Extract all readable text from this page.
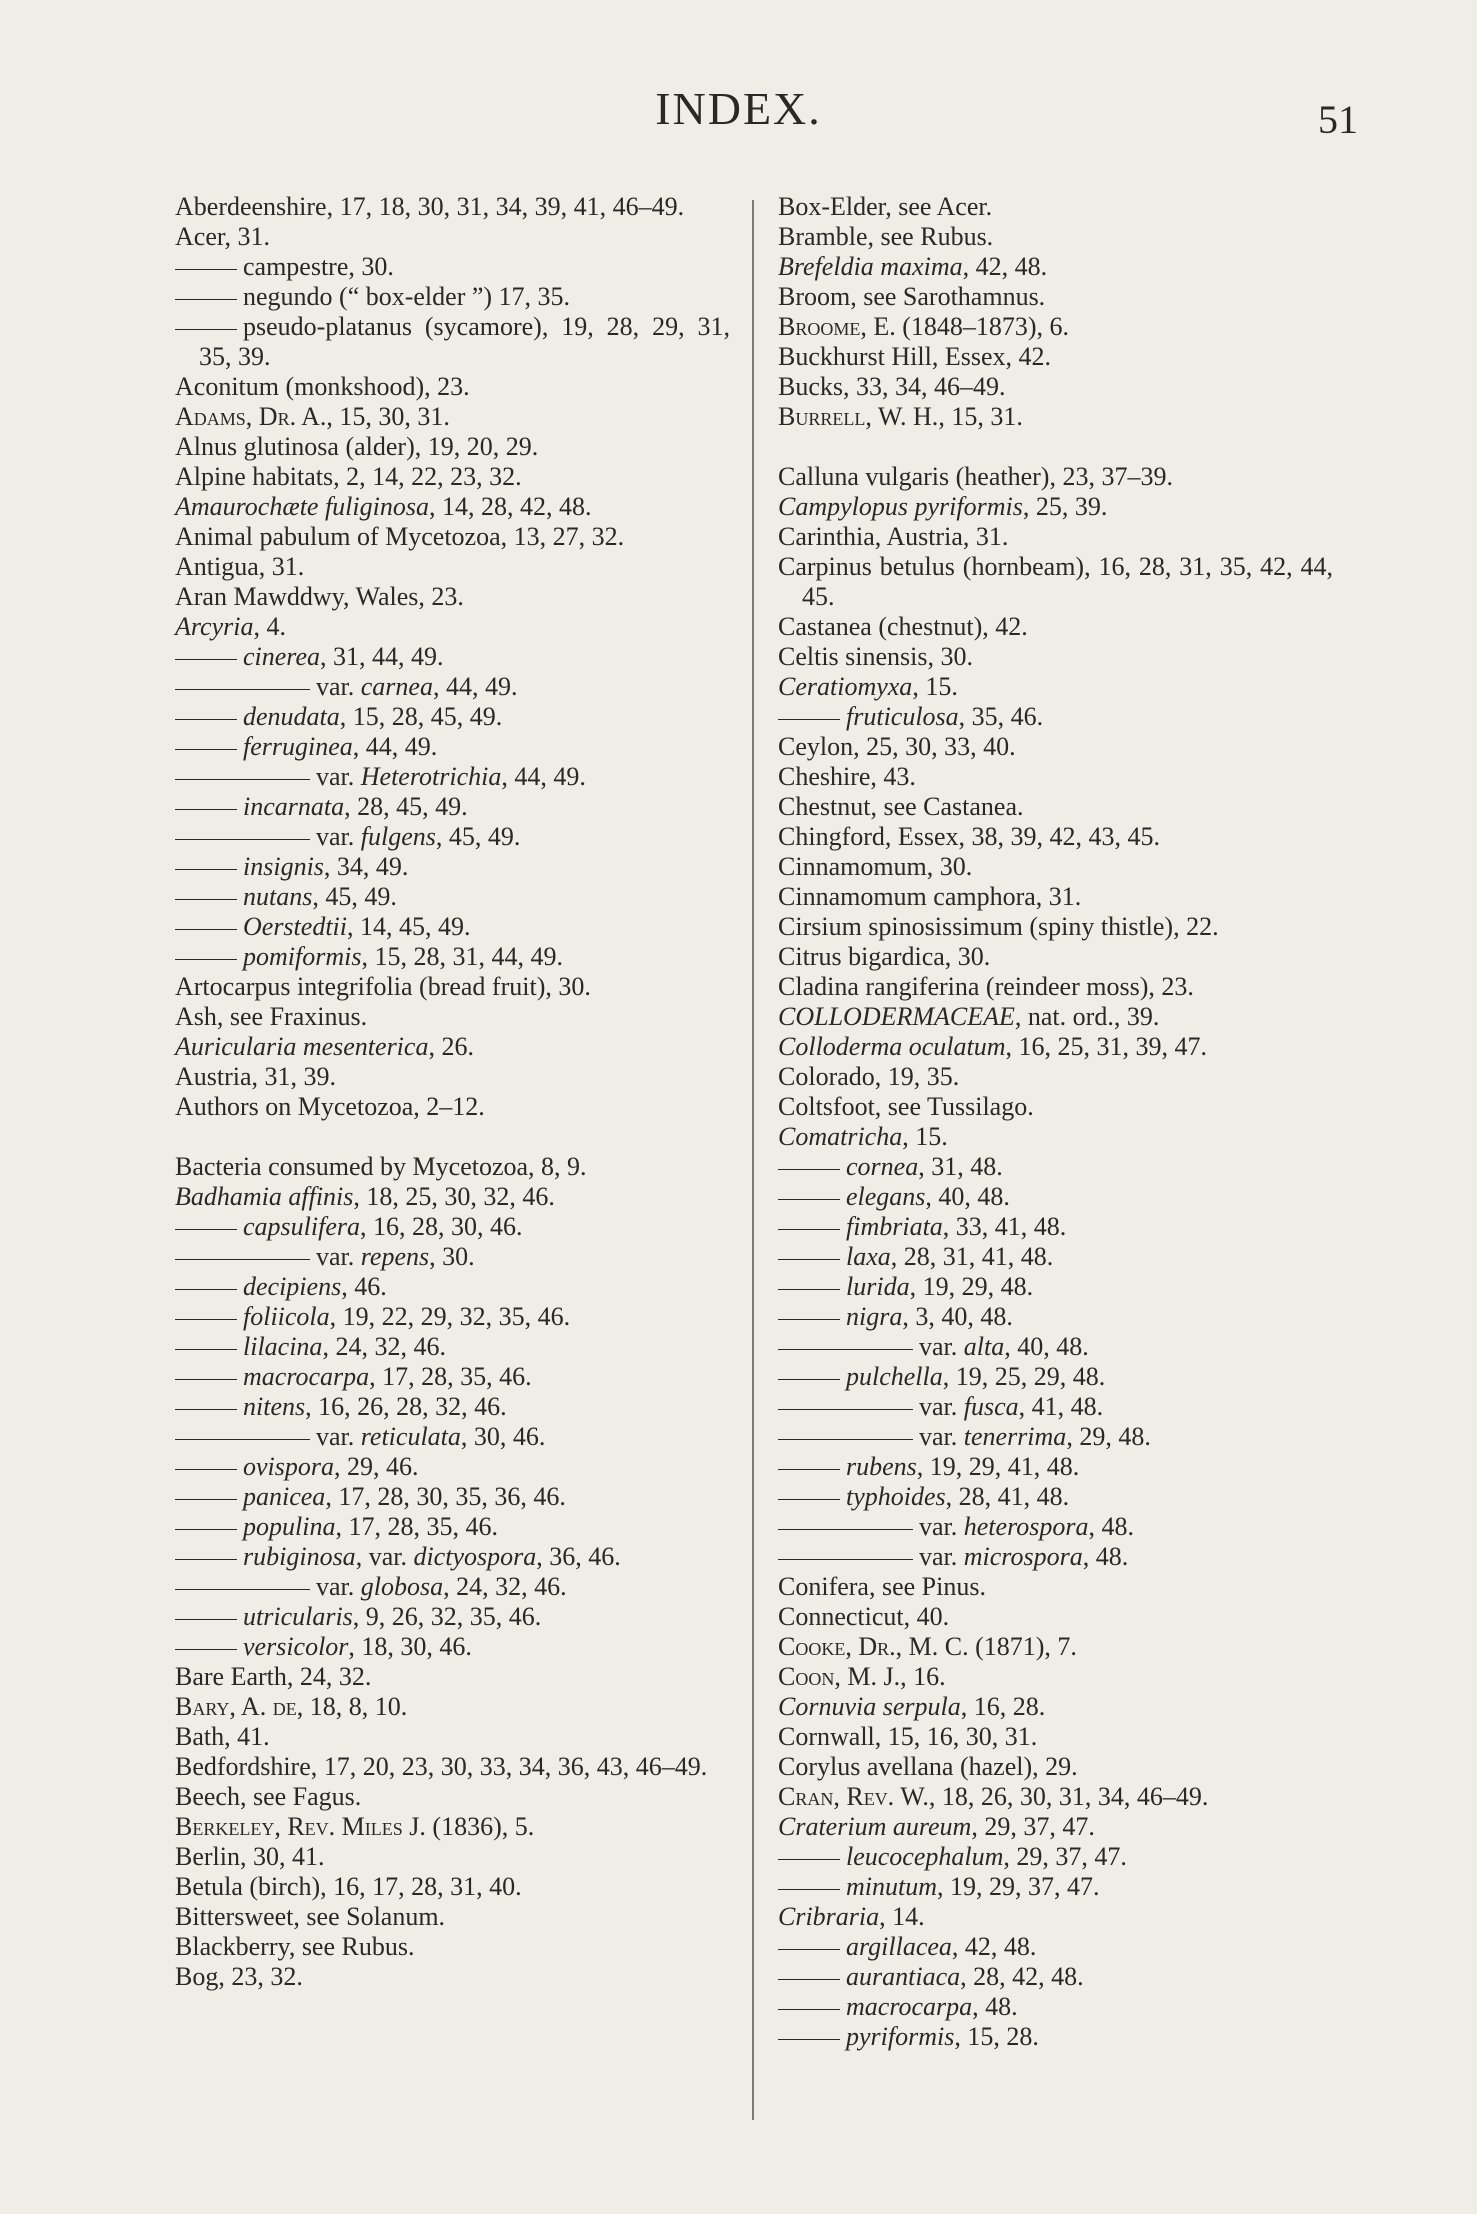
INDEX.	51

Aberdeenshire, 17, 18, 30, 31, 34, 39, 41, 46–49.

Acer, 31.

campestre, 30.

negundo (“ box-elder ”) 17, 35.

pseudo-platanus (sycamore), 19, 28, 29, 31, 35, 39.

Aconitum (monkshood), 23.

Adams, Dr. A., 15, 30, 31.

Alnus glutinosa (alder), 19, 20, 29.

Alpine habitats, 2, 14, 22, 23, 32.

Amaurochæte fuliginosa, 14, 28, 42, 48.

Animal pabulum of Mycetozoa, 13, 27, 32.

Antigua, 31.

Aran Mawddwy, Wales, 23.

Arcyria, 4.

cinerea, 31, 44, 49.

var. carnea, 44, 49.

denudata, 15, 28, 45, 49.

ferruginea, 44, 49.

var. Heterotrichia, 44, 49.

incarnata, 28, 45, 49.

var. fulgens, 45, 49.

insignis, 34, 49.

nutans, 45, 49.

Oerstedtii, 14, 45, 49.

pomiformis, 15, 28, 31, 44, 49.

Artocarpus integrifolia (bread fruit), 30.

Ash, see Fraxinus.

Auricularia mesenterica, 26.

Austria, 31, 39.

Authors on Mycetozoa, 2–12.

Bacteria consumed by Mycetozoa, 8, 9.

Badhamia affinis, 18, 25, 30, 32, 46.

capsulifera, 16, 28, 30, 46.

var. repens, 30.

decipiens, 46.

foliicola, 19, 22, 29, 32, 35, 46.

lilacina, 24, 32, 46.

macrocarpa, 17, 28, 35, 46.

nitens, 16, 26, 28, 32, 46.

var. reticulata, 30, 46.

ovispora, 29, 46.

panicea, 17, 28, 30, 35, 36, 46.

populina, 17, 28, 35, 46.

rubiginosa, var. dictyospora, 36, 46.

var. globosa, 24, 32, 46.

utricularis, 9, 26, 32, 35, 46.

versicolor, 18, 30, 46.

Bare Earth, 24, 32.

Bary, A. de, 18, 8, 10.

Bath, 41.

Bedfordshire, 17, 20, 23, 30, 33, 34, 36, 43, 46–49.

Beech, see Fagus.

Berkeley, Rev. Miles J. (1836), 5.

Berlin, 30, 41.

Betula (birch), 16, 17, 28, 31, 40.

Bittersweet, see Solanum.

Blackberry, see Rubus.

Bog, 23, 32.

Box-Elder, see Acer.

Bramble, see Rubus.

Brefeldia maxima, 42, 48.

Broom, see Sarothamnus.

Broome, E. (1848–1873), 6.

Buckhurst Hill, Essex, 42.

Bucks, 33, 34, 46–49.

Burrell, W. H., 15, 31.

Calluna vulgaris (heather), 23, 37–39.

Campylopus pyriformis, 25, 39.

Carinthia, Austria, 31.

Carpinus betulus (hornbeam), 16, 28, 31, 35, 42, 44, 45.

Castanea (chestnut), 42.

Celtis sinensis, 30.

Ceratiomyxa, 15.

fruticulosa, 35, 46.

Ceylon, 25, 30, 33, 40.

Cheshire, 43.

Chestnut, see Castanea.

Chingford, Essex, 38, 39, 42, 43, 45.

Cinnamomum, 30.

Cinnamomum camphora, 31.

Cirsium spinosissimum (spiny thistle), 22.

Citrus bigardica, 30.

Cladina rangiferina (reindeer moss), 23.

COLLODERMACEAE, nat. ord., 39.

Colloderma oculatum, 16, 25, 31, 39, 47.

Colorado, 19, 35.

Coltsfoot, see Tussilago.

Comatricha, 15.

cornea, 31, 48.

elegans, 40, 48.

fimbriata, 33, 41, 48.

laxa, 28, 31, 41, 48.

lurida, 19, 29, 48.

nigra, 3, 40, 48.

var. alta, 40, 48.

pulchella, 19, 25, 29, 48.

var. fusca, 41, 48.

var. tenerrima, 29, 48.

rubens, 19, 29, 41, 48.

typhoides, 28, 41, 48.

var. heterospora, 48.

var. microspora, 48.

Conifera, see Pinus.

Connecticut, 40.

Cooke, Dr., M. C. (1871), 7.

Coon, M. J., 16.

Cornuvia serpula, 16, 28.

Cornwall, 15, 16, 30, 31.

Corylus avellana (hazel), 29.

Cran, Rev. W., 18, 26, 30, 31, 34, 46–49.

Craterium aureum, 29, 37, 47.

leucocephalum, 29, 37, 47.

minutum, 19, 29, 37, 47.

Cribraria, 14.

argillacea, 42, 48.

aurantiaca, 28, 42, 48.

macrocarpa, 48.

pyriformis, 15, 28.
